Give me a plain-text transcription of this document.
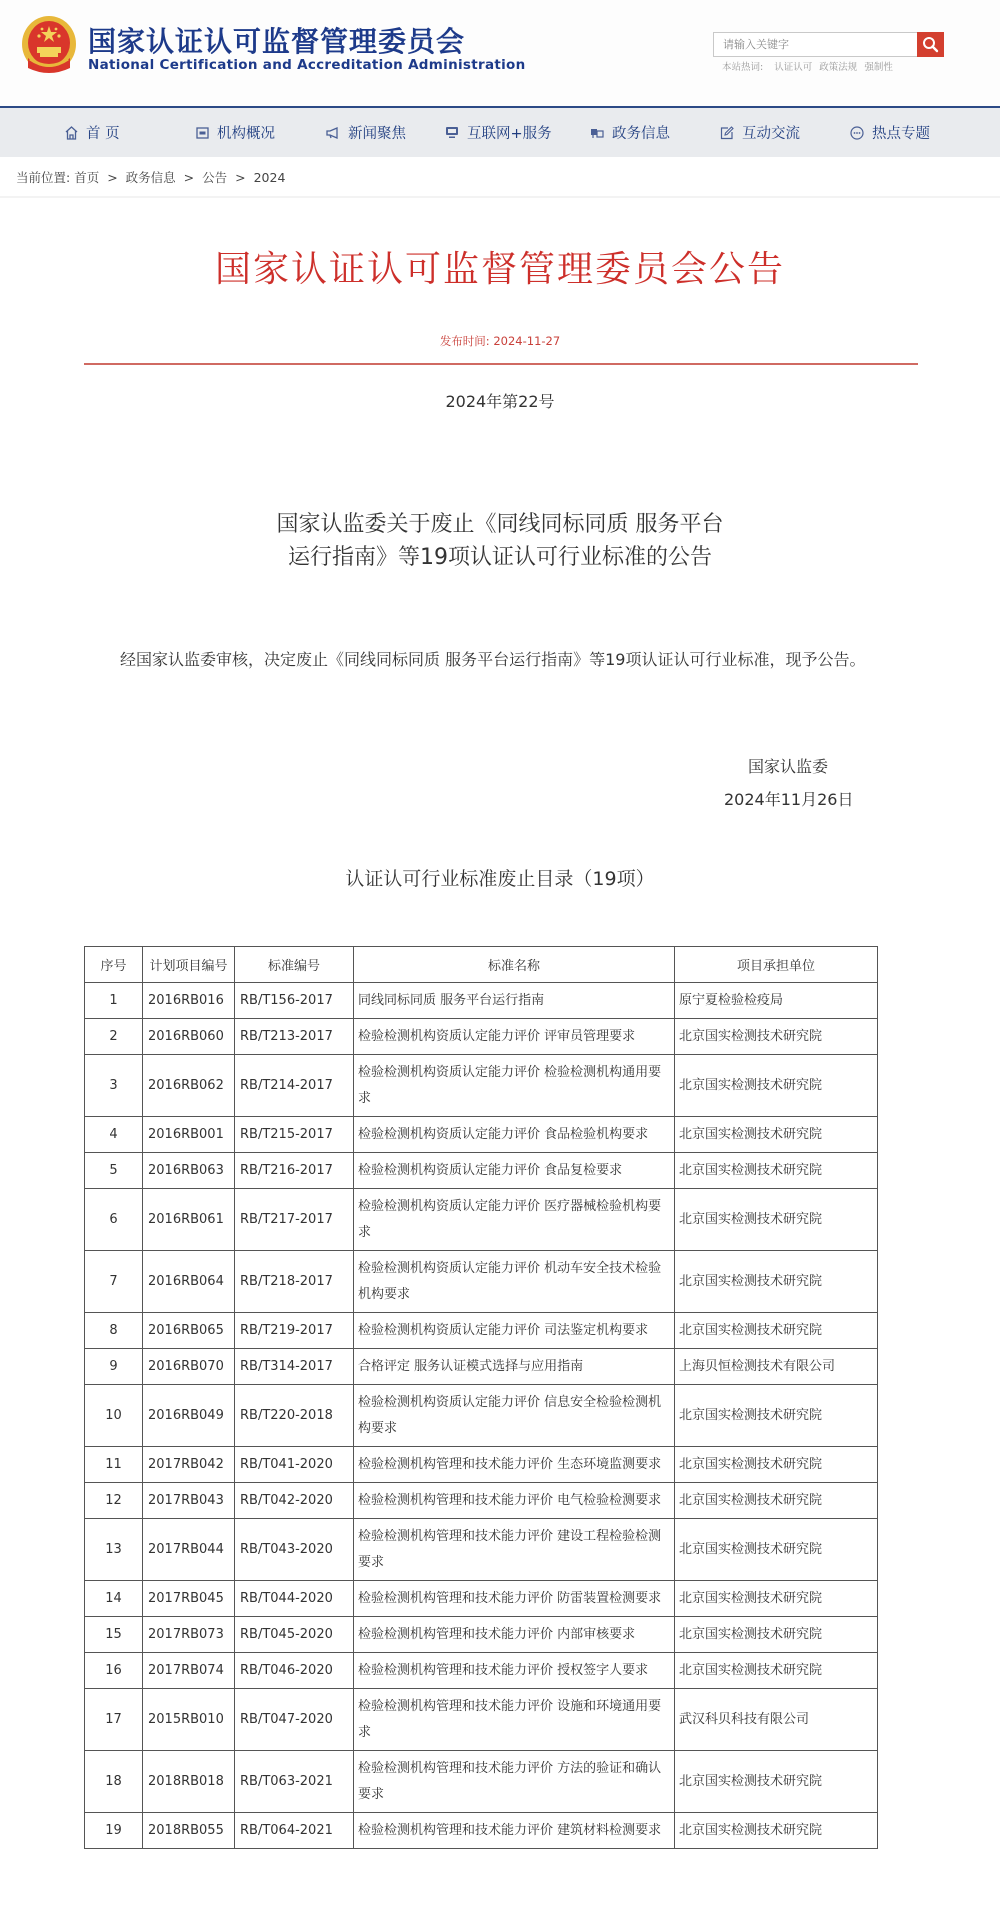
国家认证认可监督管理委员会
National Certification and Accreditation Administration
请输入关键字	本站热词: 认证认可 政策法规 强制性
首 页	机构概况	新闻聚焦	互联网+服务	政务信息	互动交流	热点专题
当前位置: 首页 > 政务信息 > 公告 > 2024
国家认证认可监督管理委员会公告
发布时间: 2024-11-27
2024年第22号
国家认监委关于废止《同线同标同质 服务平台
运行指南》等19项认证认可行业标准的公告

经国家认监委审核，决定废止《同线同标同质 服务平台运行指南》等19项认证认可行业标准，现予公告。

国家认监委
2024年11月26日
认证认可行业标准废止目录（19项）
序号	计划项目编号	标准编号	标准名称	项目承担单位
1	2016RB016	RB/T156-2017	同线同标同质 服务平台运行指南	原宁夏检验检疫局
2	2016RB060	RB/T213-2017	检验检测机构资质认定能力评价 评审员管理要求	北京国实检测技术研究院
3	2016RB062	RB/T214-2017	检验检测机构资质认定能力评价 检验检测机构通用要求	北京国实检测技术研究院
4	2016RB001	RB/T215-2017	检验检测机构资质认定能力评价 食品检验机构要求	北京国实检测技术研究院
5	2016RB063	RB/T216-2017	检验检测机构资质认定能力评价 食品复检要求	北京国实检测技术研究院
6	2016RB061	RB/T217-2017	检验检测机构资质认定能力评价 医疗器械检验机构要求	北京国实检测技术研究院
7	2016RB064	RB/T218-2017	检验检测机构资质认定能力评价 机动车安全技术检验机构要求	北京国实检测技术研究院
8	2016RB065	RB/T219-2017	检验检测机构资质认定能力评价 司法鉴定机构要求	北京国实检测技术研究院
9	2016RB070	RB/T314-2017	合格评定 服务认证模式选择与应用指南	上海贝恒检测技术有限公司
10	2016RB049	RB/T220-2018	检验检测机构资质认定能力评价 信息安全检验检测机构要求	北京国实检测技术研究院
11	2017RB042	RB/T041-2020	检验检测机构管理和技术能力评价 生态环境监测要求	北京国实检测技术研究院
12	2017RB043	RB/T042-2020	检验检测机构管理和技术能力评价 电气检验检测要求	北京国实检测技术研究院
13	2017RB044	RB/T043-2020	检验检测机构管理和技术能力评价 建设工程检验检测要求	北京国实检测技术研究院
14	2017RB045	RB/T044-2020	检验检测机构管理和技术能力评价 防雷装置检测要求	北京国实检测技术研究院
15	2017RB073	RB/T045-2020	检验检测机构管理和技术能力评价 内部审核要求	北京国实检测技术研究院
16	2017RB074	RB/T046-2020	检验检测机构管理和技术能力评价 授权签字人要求	北京国实检测技术研究院
17	2015RB010	RB/T047-2020	检验检测机构管理和技术能力评价 设施和环境通用要求	武汉科贝科技有限公司
18	2018RB018	RB/T063-2021	检验检测机构管理和技术能力评价 方法的验证和确认要求	北京国实检测技术研究院
19	2018RB055	RB/T064-2021	检验检测机构管理和技术能力评价 建筑材料检测要求	北京国实检测技术研究院
